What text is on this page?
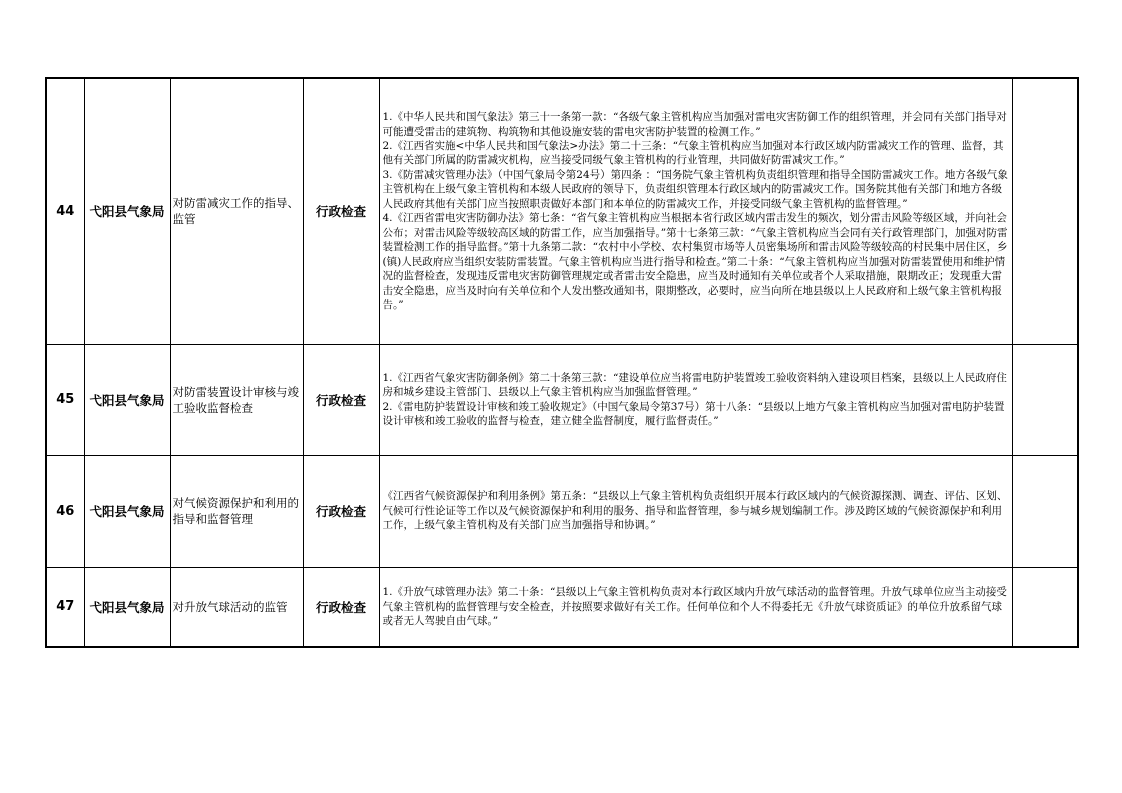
44	弋阳县气象局	对防雷减灾工作的指导、监管	行政检查	1.《中华人民共和国气象法》第三十一条第一款：“各级气象主管机构应当加强对雷电灾害防御工作的组织管理，并会同有关部门指导对可能遭受雷击的建筑物、构筑物和其他设施安装的雷电灾害防护装置的检测工作。”

2.《江西省实施<中华人民共和国气象法>办法》第二十三条：“气象主管机构应当加强对本行政区域内防雷减灾工作的管理、监督，其他有关部门所属的防雷减灾机构，应当接受同级气象主管机构的行业管理，共同做好防雷减灾工作。”

3.《防雷减灾管理办法》（中国气象局令第24号）第四条 ：“国务院气象主管机构负责组织管理和指导全国防雷减灾工作。地方各级气象主管机构在上级气象主管机构和本级人民政府的领导下，负责组织管理本行政区域内的防雷减灾工作。国务院其他有关部门和地方各级人民政府其他有关部门应当按照职责做好本部门和本单位的防雷减灾工作，并接受同级气象主管机构的监督管理。”

4.《江西省雷电灾害防御办法》第七条：“省气象主管机构应当根据本省行政区域内雷击发生的频次，划分雷击风险等级区域，并向社会公布；对雷击风险等级较高区域的防雷工作，应当加强指导。”第十七条第三款：“气象主管机构应当会同有关行政管理部门，加强对防雷装置检测工作的指导监督。”第十九条第二款：“农村中小学校、农村集贸市场等人员密集场所和雷击风险等级较高的村民集中居住区，乡(镇)人民政府应当组织安装防雷装置。气象主管机构应当进行指导和检查。”第二十条：“气象主管机构应当加强对防雷装置使用和维护情况的监督检查，发现违反雷电灾害防御管理规定或者雷击安全隐患，应当及时通知有关单位或者个人采取措施，限期改正；发现重大雷击安全隐患，应当及时向有关单位和个人发出整改通知书，限期整改，必要时，应当向所在地县级以上人民政府和上级气象主管机构报告。”	

45	弋阳县气象局	对防雷装置设计审核与竣工验收监督检查	行政检查	1.《江西省气象灾害防御条例》第二十条第三款：“建设单位应当将雷电防护装置竣工验收资料纳入建设项目档案，县级以上人民政府住房和城乡建设主管部门、县级以上气象主管机构应当加强监督管理。”

2.《雷电防护装置设计审核和竣工验收规定》（中国气象局令第37号）第十八条：“县级以上地方气象主管机构应当加强对雷电防护装置设计审核和竣工验收的监督与检查，建立健全监督制度，履行监督责任。”	

46	弋阳县气象局	对气候资源保护和利用的指导和监督管理	行政检查	《江西省气候资源保护和利用条例》第五条：“县级以上气象主管机构负责组织开展本行政区域内的气候资源探测、调查、评估、区划、气候可行性论证等工作以及气候资源保护和利用的服务、指导和监督管理，参与城乡规划编制工作。涉及跨区域的气候资源保护和利用工作，上级气象主管机构及有关部门应当加强指导和协调。”	

47	弋阳县气象局	对升放气球活动的监管	行政检查	1.《升放气球管理办法》第二十条：“县级以上气象主管机构负责对本行政区域内升放气球活动的监督管理。升放气球单位应当主动接受气象主管机构的监督管理与安全检查，并按照要求做好有关工作。任何单位和个人不得委托无《升放气球资质证》的单位升放系留气球或者无人驾驶自由气球。”	
